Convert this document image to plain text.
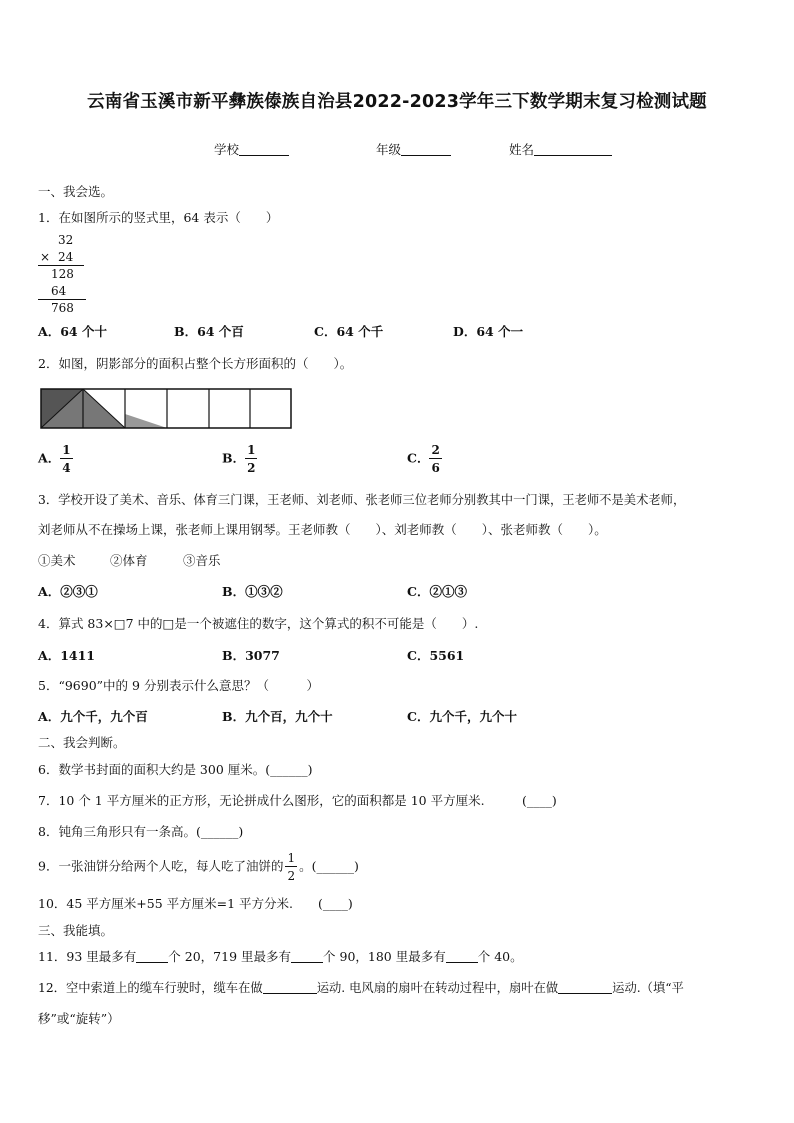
云南省玉溪市新平彝族傣族自治县2022-2023学年三下数学期末复习检测试题
学校	年级	姓名
一、我会选。
1．在如图所示的竖式里，64 表示（　　）
32
× 24
128
64
768
A．64 个十	B．64 个百	C．64 个千	D．64 个一
2．如图，阴影部分的面积占整个长方形面积的（　　）。
A． $\frac{1}{4}$	B． $\frac{1}{2}$	C． $\frac{2}{6}$
3．学校开设了美术、音乐、体育三门课，王老师、刘老师、张老师三位老师分别教其中一门课，王老师不是美术老师，
刘老师从不在操场上课，张老师上课用钢琴。王老师教（　　）、刘老师教（　　）、张老师教（　　）。
①美术	②体育	③音乐
A．②③①	B．①③②	C．②①③
4．算式 83×□7 中的□是一个被遮住的数字，这个算式的积不可能是（　　）.
A．1411	B．3077	C．5561
5．“9690”中的 9 分别表示什么意思？（　　　）
A．九个千，九个百	B．九个百，九个十	C．九个千，九个十
二、我会判断。
6．数学书封面的面积大约是 300 厘米。(______)
7．10 个 1 平方厘米的正方形，无论拼成什么图形，它的面积都是 10 平方厘米.　　　(____)
8．钝角三角形只有一条高。(______)
9．一张油饼分给两个人吃，每人吃了油饼的 $\frac{1}{2}$ 。(______)
10．45 平方厘米+55 平方厘米=1 平方分米.　　(____)
三、我能填。
11．93 里最多有	个 20，719 里最多有	个 90，180 里最多有	个 40。
12．空中索道上的缆车行驶时，缆车在做	运动. 电风扇的扇叶在转动过程中，扇叶在做	运动.（填“平
移”或“旋转”）
